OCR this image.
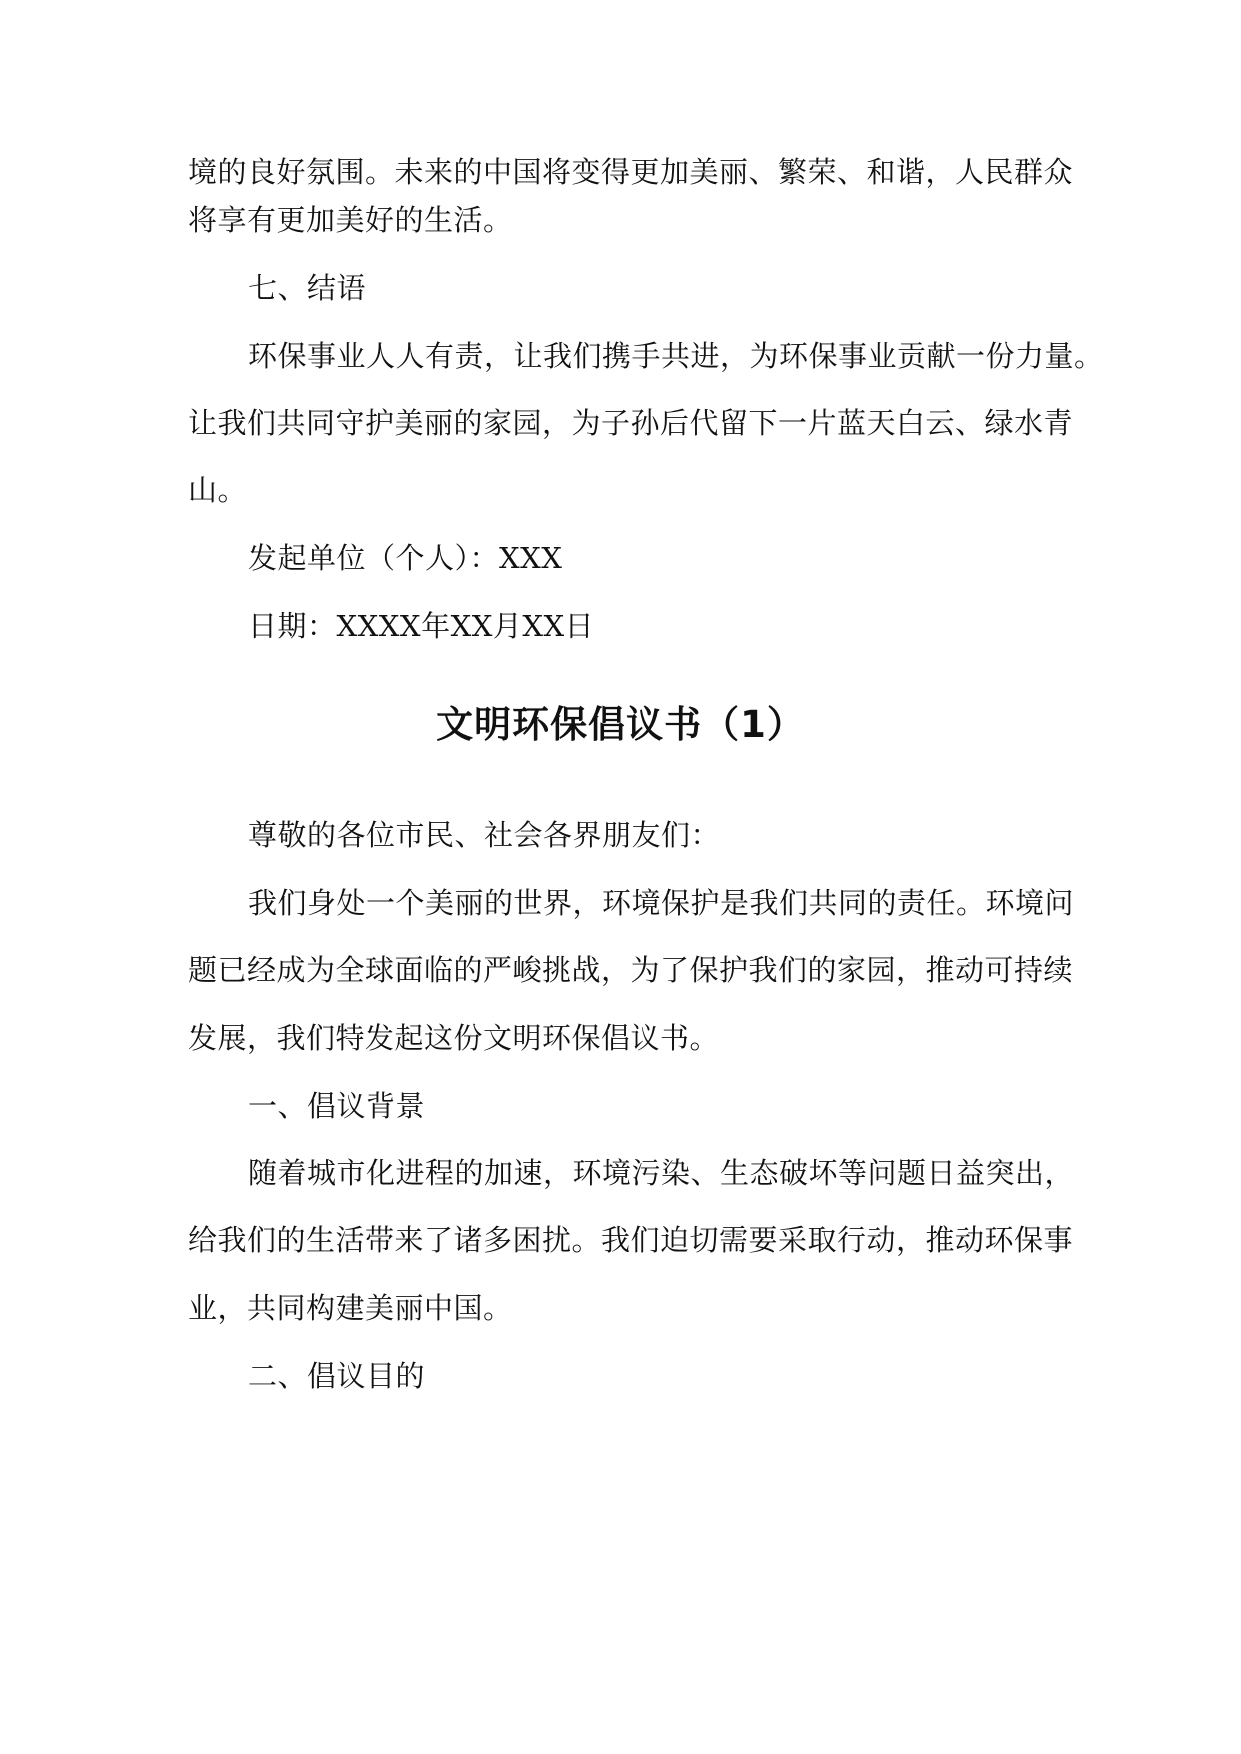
境的良好氛围。未来的中国将变得更加美丽、繁荣、和谐，人民群众
将享有更加美好的生活。
七、结语
环保事业人人有责，让我们携手共进，为环保事业贡献一份力量。
让我们共同守护美丽的家园，为子孙后代留下一片蓝天白云、绿水青
山。
发起单位（个人）：XXX
日期：XXXX年XX月XX日
文明环保倡议书（1）
尊敬的各位市民、社会各界朋友们：
我们身处一个美丽的世界，环境保护是我们共同的责任。环境问
题已经成为全球面临的严峻挑战，为了保护我们的家园，推动可持续
发展，我们特发起这份文明环保倡议书。
一、倡议背景
随着城市化进程的加速，环境污染、生态破坏等问题日益突出，
给我们的生活带来了诸多困扰。我们迫切需要采取行动，推动环保事
业，共同构建美丽中国。
二、倡议目的
